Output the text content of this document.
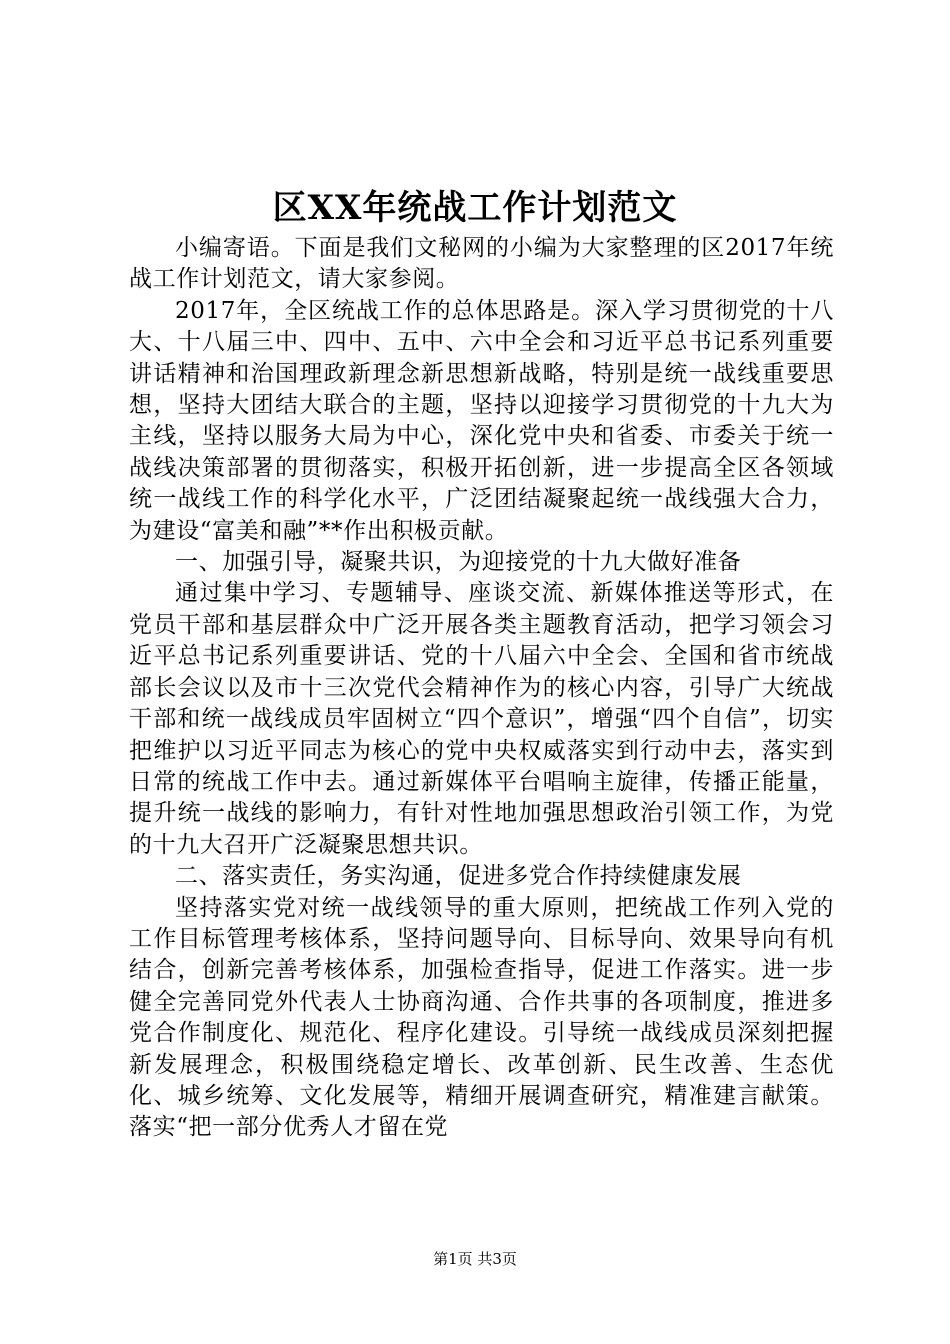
区XX年统战工作计划范文

小编寄语。下面是我们文秘网的小编为大家整理的区2017年统战工作计划范文，请大家参阅。

2017年，全区统战工作的总体思路是。深入学习贯彻党的十八大、十八届三中、四中、五中、六中全会和习近平总书记系列重要讲话精神和治国理政新理念新思想新战略，特别是统一战线重要思想，坚持大团结大联合的主题，坚持以迎接学习贯彻党的十九大为主线，坚持以服务大局为中心，深化党中央和省委、市委关于统一战线决策部署的贯彻落实，积极开拓创新，进一步提高全区各领域统一战线工作的科学化水平，广泛团结凝聚起统一战线强大合力，为建设“富美和融”**作出积极贡献。

一、加强引导，凝聚共识，为迎接党的十九大做好准备

通过集中学习、专题辅导、座谈交流、新媒体推送等形式，在党员干部和基层群众中广泛开展各类主题教育活动，把学习领会习近平总书记系列重要讲话、党的十八届六中全会、全国和省市统战部长会议以及市十三次党代会精神作为的核心内容，引导广大统战干部和统一战线成员牢固树立“四个意识”，增强“四个自信”，切实把维护以习近平同志为核心的党中央权威落实到行动中去，落实到日常的统战工作中去。通过新媒体平台唱响主旋律，传播正能量，提升统一战线的影响力，有针对性地加强思想政治引领工作，为党的十九大召开广泛凝聚思想共识。

二、落实责任，务实沟通，促进多党合作持续健康发展

坚持落实党对统一战线领导的重大原则，把统战工作列入党的工作目标管理考核体系，坚持问题导向、目标导向、效果导向有机结合，创新完善考核体系，加强检查指导，促进工作落实。进一步健全完善同党外代表人士协商沟通、合作共事的各项制度，推进多党合作制度化、规范化、程序化建设。引导统一战线成员深刻把握新发展理念，积极围绕稳定增长、改革创新、民生改善、生态优化、城乡统筹、文化发展等，精细开展调查研究，精准建言献策。落实“把一部分优秀人才留在党

第1页 共3页
